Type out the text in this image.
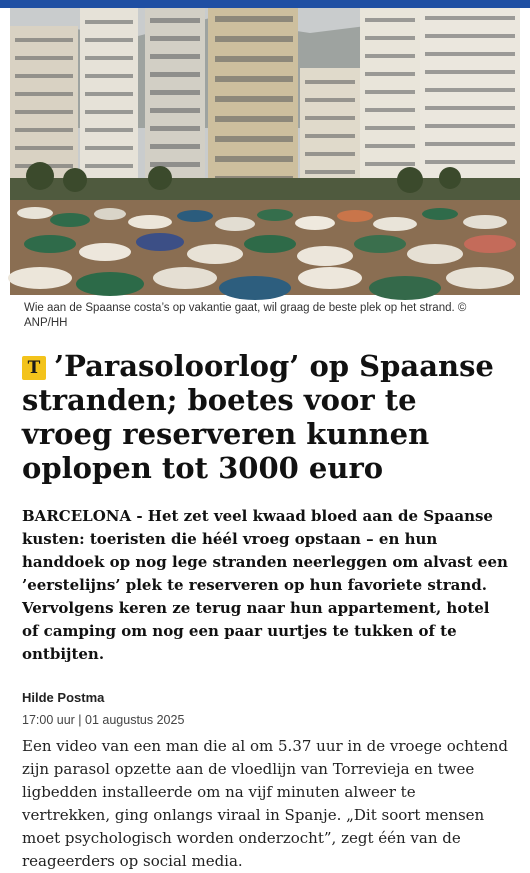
Wie aan de Spaanse costa’s op vakantie gaat, wil graag de beste plek op het strand. © ANP/HH

T ’Parasoloorlog’ op Spaanse stranden; boetes voor te vroeg reserveren kunnen oplopen tot 3000 euro

BARCELONA - Het zet veel kwaad bloed aan de Spaanse kusten: toeristen die héél vroeg opstaan – en hun handdoek op nog lege stranden neerleggen om alvast een ’eerstelijns’ plek te reserveren op hun favoriete strand. Vervolgens keren ze terug naar hun appartement, hotel of camping om nog een paar uurtjes te tukken of te ontbijten.

Hilde Postma

17:00 uur | 01 augustus 2025

Een video van een man die al om 5.37 uur in de vroege ochtend zijn parasol opzette aan de vloedlijn van Torrevieja en twee ligbedden installeerde om na vijf minuten alweer te vertrekken, ging onlangs viraal in Spanje. „Dit soort mensen moet psychologisch worden onderzocht”, zegt één van de reageerders op social media.
